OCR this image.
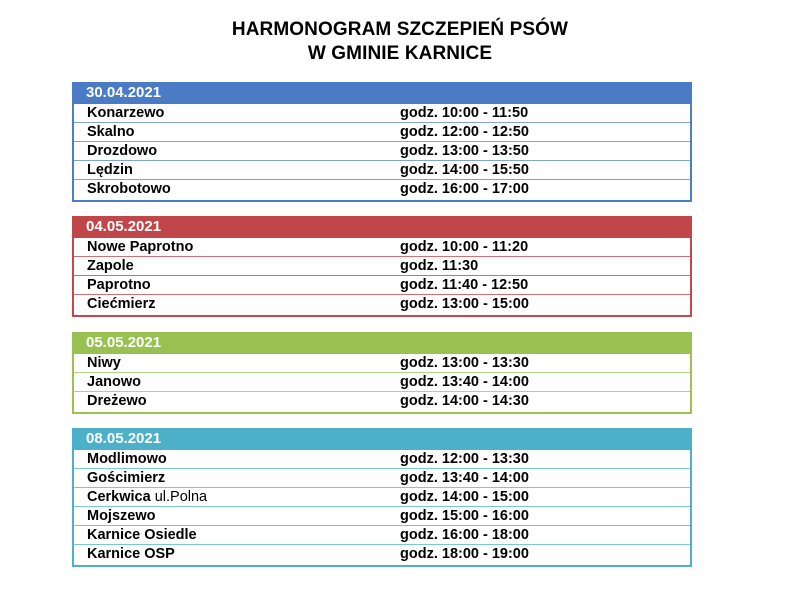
HARMONOGRAM SZCZEPIEŃ PSÓW
W GMINIE KARNICE
30.04.2021
Konarzewo	godz. 10:00 - 11:50
Skalno	godz. 12:00 - 12:50
Drozdowo	godz. 13:00 - 13:50
Lędzin	godz. 14:00 - 15:50
Skrobotowo	godz. 16:00 - 17:00
04.05.2021
Nowe Paprotno	godz. 10:00 - 11:20
Zapole	godz. 11:30
Paprotno	godz. 11:40 - 12:50
Ciećmierz	godz. 13:00 - 15:00
05.05.2021
Niwy	godz. 13:00 - 13:30
Janowo	godz. 13:40 - 14:00
Dreżewo	godz. 14:00 - 14:30
08.05.2021
Modlimowo	godz. 12:00 - 13:30
Gościmierz	godz. 13:40 - 14:00
Cerkwica ul.Polna	godz. 14:00 - 15:00
Mojszewo	godz. 15:00 - 16:00
Karnice Osiedle	godz. 16:00 - 18:00
Karnice OSP	godz. 18:00 - 19:00
